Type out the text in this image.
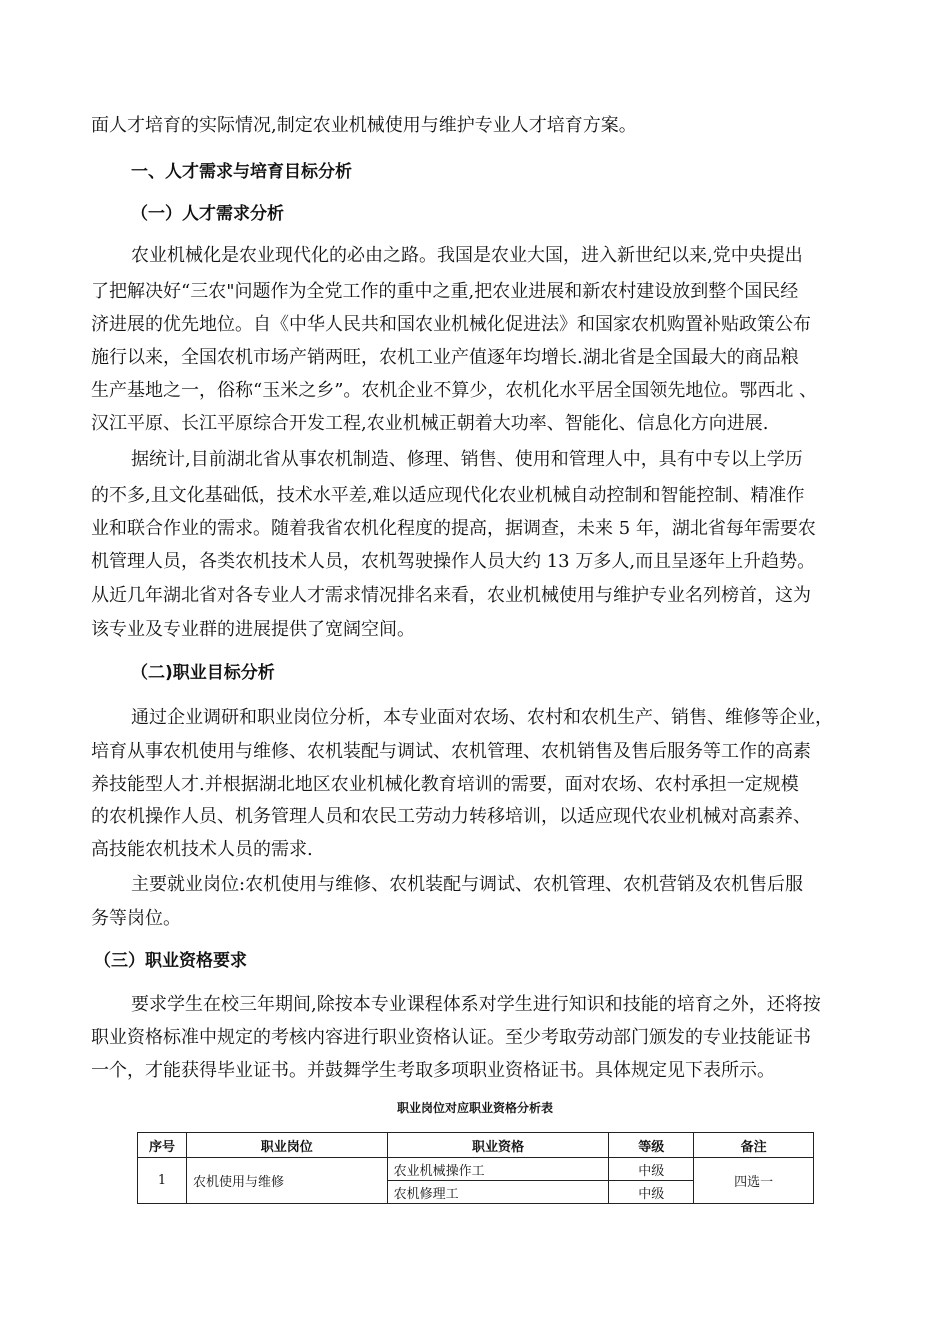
面人才培育的实际情况,制定农业机械使用与维护专业人才培育方案。
一、人才需求与培育目标分析
（一）人才需求分析
农业机械化是农业现代化的必由之路。我国是农业大国，进入新世纪以来,党中央提出
了把解决好“三农"问题作为全党工作的重中之重,把农业进展和新农村建设放到整个国民经
济进展的优先地位。自《中华人民共和国农业机械化促进法》和国家农机购置补贴政策公布
施行以来，全国农机市场产销两旺，农机工业产值逐年均增长.湖北省是全国最大的商品粮
生产基地之一，俗称“玉米之乡”。农机企业不算少，农机化水平居全国领先地位。鄂西北 、
汉江平原、长江平原综合开发工程,农业机械正朝着大功率、智能化、信息化方向进展.
据统计,目前湖北省从事农机制造、修理、销售、使用和管理人中，具有中专以上学历
的不多,且文化基础低，技术水平差,难以适应现代化农业机械自动控制和智能控制、精准作
业和联合作业的需求。随着我省农机化程度的提高，据调查，未来 5 年，湖北省每年需要农
机管理人员，各类农机技术人员，农机驾驶操作人员大约 13 万多人,而且呈逐年上升趋势。
从近几年湖北省对各专业人才需求情况排名来看，农业机械使用与维护专业名列榜首，这为
该专业及专业群的进展提供了宽阔空间。
（二)职业目标分析
通过企业调研和职业岗位分析，本专业面对农场、农村和农机生产、销售、维修等企业，
培育从事农机使用与维修、农机装配与调试、农机管理、农机销售及售后服务等工作的高素
养技能型人才.并根据湖北地区农业机械化教育培训的需要，面对农场、农村承担一定规模
的农机操作人员、机务管理人员和农民工劳动力转移培训，以适应现代农业机械对高素养、
高技能农机技术人员的需求.
主要就业岗位:农机使用与维修、农机装配与调试、农机管理、农机营销及农机售后服
务等岗位。
（三）职业资格要求
要求学生在校三年期间,除按本专业课程体系对学生进行知识和技能的培育之外，还将按
职业资格标准中规定的考核内容进行职业资格认证。至少考取劳动部门颁发的专业技能证书
一个，才能获得毕业证书。并鼓舞学生考取多项职业资格证书。具体规定见下表所示。
职业岗位对应职业资格分析表
序号	职业岗位	职业资格	等级	备注
1	农机使用与维修	农业机械操作工	中级	四选一
		农机修理工	中级	
